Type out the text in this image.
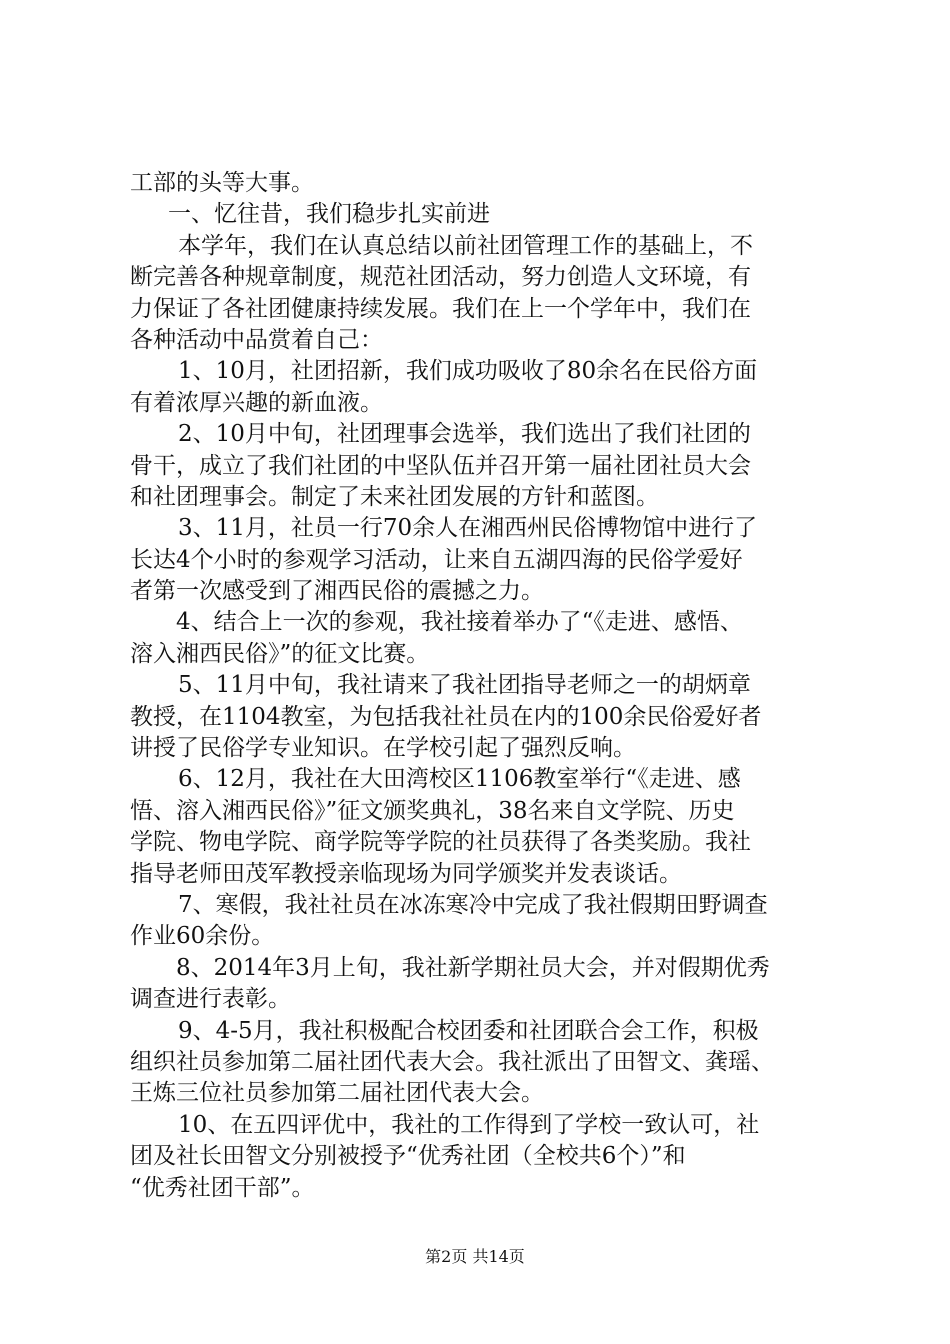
工部的头等大事。
一、忆往昔，我们稳步扎实前进
本学年，我们在认真总结以前社团管理工作的基础上，不
断完善各种规章制度，规范社团活动，努力创造人文环境，有
力保证了各社团健康持续发展。我们在上一个学年中，我们在
各种活动中品赏着自己：
1、10月，社团招新，我们成功吸收了80余名在民俗方面
有着浓厚兴趣的新血液。
2、10月中旬，社团理事会选举，我们选出了我们社团的
骨干，成立了我们社团的中坚队伍并召开第一届社团社员大会
和社团理事会。制定了未来社团发展的方针和蓝图。
3、11月，社员一行70余人在湘西州民俗博物馆中进行了
长达4个小时的参观学习活动，让来自五湖四海的民俗学爱好
者第一次感受到了湘西民俗的震撼之力。
4、结合上一次的参观，我社接着举办了“《走进、感悟、
溶入湘西民俗》”的征文比赛。
5、11月中旬，我社请来了我社团指导老师之一的胡炳章
教授，在1104教室，为包括我社社员在内的100余民俗爱好者
讲授了民俗学专业知识。在学校引起了强烈反响。
6、12月，我社在大田湾校区1106教室举行“《走进、感
悟、溶入湘西民俗》”征文颁奖典礼，38名来自文学院、历史
学院、物电学院、商学院等学院的社员获得了各类奖励。我社
指导老师田茂军教授亲临现场为同学颁奖并发表谈话。
7、寒假，我社社员在冰冻寒冷中完成了我社假期田野调查
作业60余份。
8、2014年3月上旬，我社新学期社员大会，并对假期优秀
调查进行表彰。
9、4-5月，我社积极配合校团委和社团联合会工作，积极
组织社员参加第二届社团代表大会。我社派出了田智文、龚瑶、
王炼三位社员参加第二届社团代表大会。
10、在五四评优中，我社的工作得到了学校一致认可，社
团及社长田智文分别被授予“优秀社团（全校共6个）”和
“优秀社团干部”。
第2页 共14页
